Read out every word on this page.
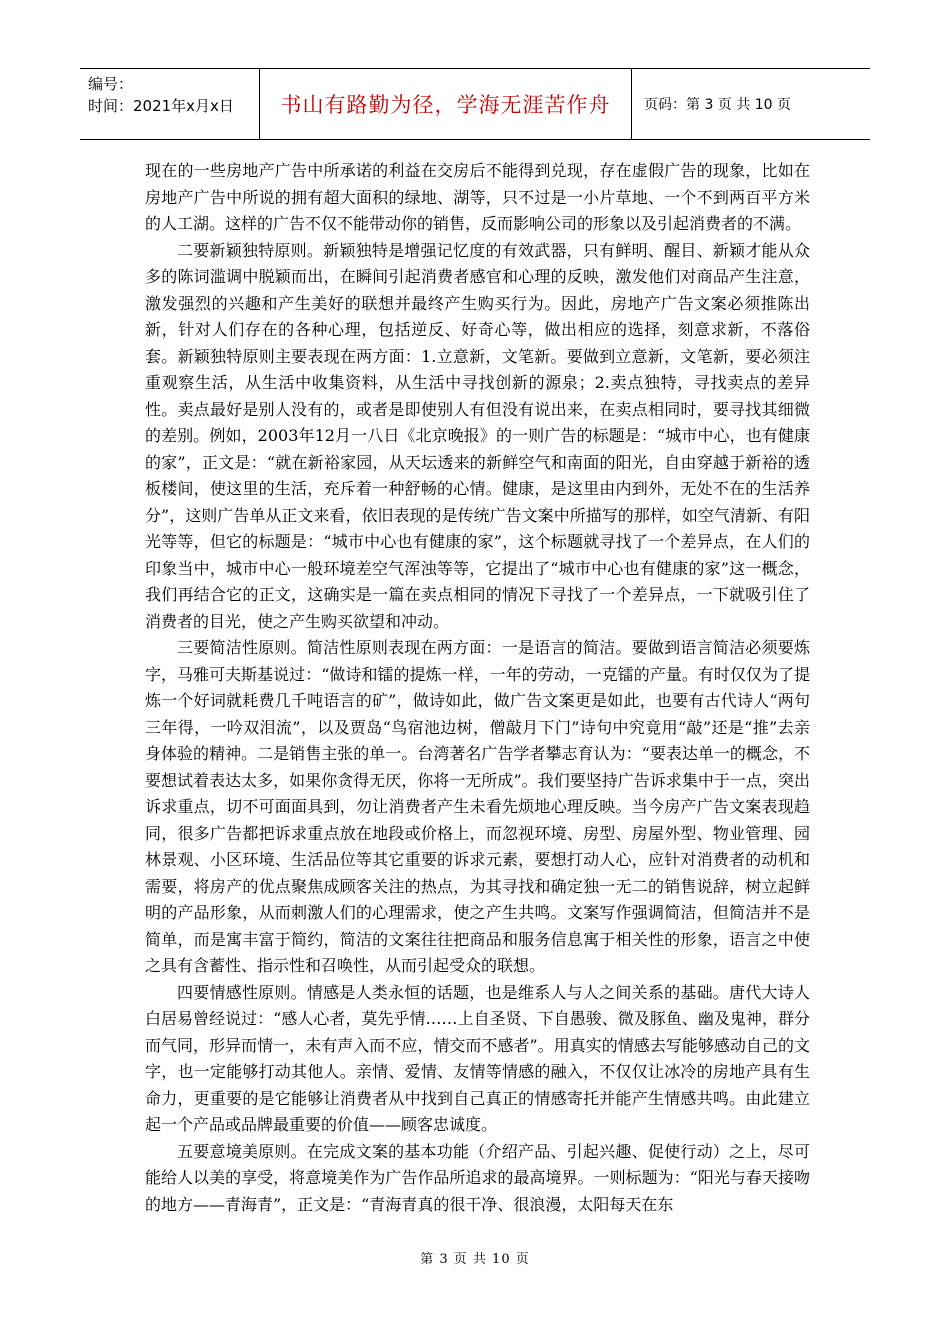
编号：
时间：2021年x月x日	书山有路勤为径，学海无涯苦作舟 页码：第 3 页 共 10 页

现在的一些房地产广告中所承诺的利益在交房后不能得到兑现，存在虚假广告的现象，比如在房地产广告中所说的拥有超大面积的绿地、湖等，只不过是一小片草地、一个不到两百平方米的人工湖。这样的广告不仅不能带动你的销售，反而影响公司的形象以及引起消费者的不满。

二要新颖独特原则。新颖独特是增强记忆度的有效武器，只有鲜明、醒目、新颖才能从众多的陈词滥调中脱颖而出，在瞬间引起消费者感官和心理的反映，激发他们对商品产生注意，激发强烈的兴趣和产生美好的联想并最终产生购买行为。因此，房地产广告文案必须推陈出新，针对人们存在的各种心理，包括逆反、好奇心等，做出相应的选择，刻意求新，不落俗套。新颖独特原则主要表现在两方面：1.立意新，文笔新。要做到立意新，文笔新，要必须注重观察生活，从生活中收集资料，从生活中寻找创新的源泉；2.卖点独特，寻找卖点的差异性。卖点最好是别人没有的，或者是即使别人有但没有说出来，在卖点相同时，要寻找其细微的差别。例如，2003年12月一八日《北京晚报》的一则广告的标题是：“城市中心，也有健康的家”，正文是：“就在新裕家园，从天坛透来的新鲜空气和南面的阳光，自由穿越于新裕的透板楼间，使这里的生活，充斥着一种舒畅的心情。健康，是这里由内到外，无处不在的生活养分”，这则广告单从正文来看，依旧表现的是传统广告文案中所描写的那样，如空气清新、有阳光等等，但它的标题是：“城市中心也有健康的家”，这个标题就寻找了一个差异点，在人们的印象当中，城市中心一般环境差空气浑浊等等，它提出了“城市中心也有健康的家”这一概念，我们再结合它的正文，这确实是一篇在卖点相同的情况下寻找了一个差异点，一下就吸引住了消费者的目光，使之产生购买欲望和冲动。

三要简洁性原则。简洁性原则表现在两方面：一是语言的简洁。要做到语言简洁必须要炼字，马雅可夫斯基说过：“做诗和镭的提炼一样，一年的劳动，一克镭的产量。有时仅仅为了提炼一个好词就耗费几千吨语言的矿”，做诗如此，做广告文案更是如此，也要有古代诗人“两句三年得，一吟双泪流”，以及贾岛“鸟宿池边树，僧敲月下门”诗句中究竟用“敲”还是“推”去亲身体验的精神。二是销售主张的单一。台湾著名广告学者攀志育认为：“要表达单一的概念，不要想试着表达太多，如果你贪得无厌，你将一无所成”。我们要坚持广告诉求集中于一点，突出诉求重点，切不可面面具到，勿让消费者产生未看先烦地心理反映。当今房产广告文案表现趋同，很多广告都把诉求重点放在地段或价格上，而忽视环境、房型、房屋外型、物业管理、园林景观、小区环境、生活品位等其它重要的诉求元素，要想打动人心，应针对消费者的动机和需要，将房产的优点聚焦成顾客关注的热点，为其寻找和确定独一无二的销售说辞，树立起鲜明的产品形象，从而刺激人们的心理需求，使之产生共鸣。文案写作强调简洁，但简洁并不是简单，而是寓丰富于简约，简洁的文案往往把商品和服务信息寓于相关性的形象，语言之中使之具有含蓄性、指示性和召唤性，从而引起受众的联想。

四要情感性原则。情感是人类永恒的话题，也是维系人与人之间关系的基础。唐代大诗人白居易曾经说过：“感人心者，莫先乎情……上自圣贤、下自愚骏、微及豚鱼、幽及鬼神，群分而气同，形异而情一，未有声入而不应，情交而不感者”。用真实的情感去写能够感动自己的文字，也一定能够打动其他人。亲情、爱情、友情等情感的融入，不仅仅让冰冷的房地产具有生命力，更重要的是它能够让消费者从中找到自己真正的情感寄托并能产生情感共鸣。由此建立起一个产品或品牌最重要的价值——顾客忠诚度。

五要意境美原则。在完成文案的基本功能（介绍产品、引起兴趣、促使行动）之上，尽可能给人以美的享受，将意境美作为广告作品所追求的最高境界。一则标题为：“阳光与春天接吻的地方——青海青”，正文是：“青海青真的很干净、很浪漫，太阳每天在东

第 3 页 共 10 页
